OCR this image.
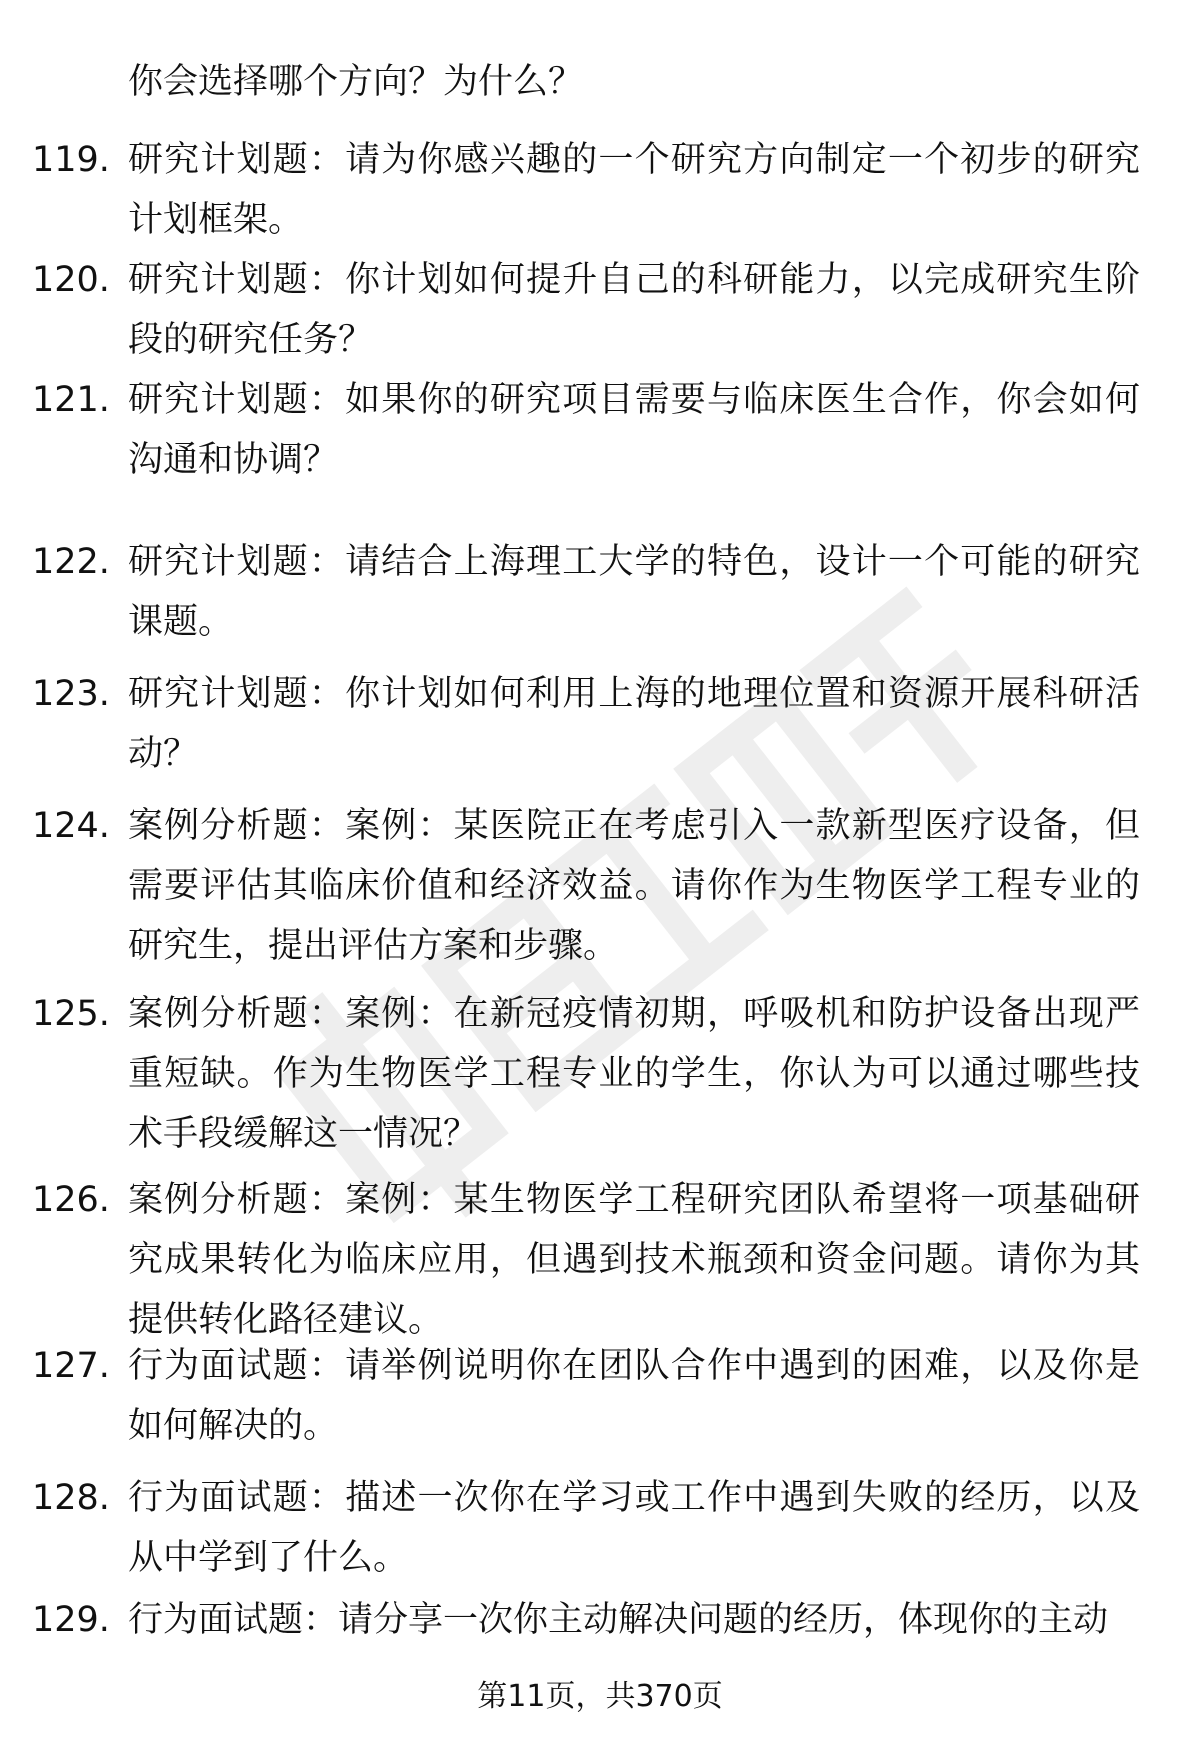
你会选择哪个方向？为什么？
119. 研究计划题：请为你感兴趣的一个研究方向制定一个初步的研究计划框架。
120. 研究计划题：你计划如何提升自己的科研能力，以完成研究生阶段的研究任务？
121. 研究计划题：如果你的研究项目需要与临床医生合作，你会如何沟通和协调？
122. 研究计划题：请结合上海理工大学的特色，设计一个可能的研究课题。
123. 研究计划题：你计划如何利用上海的地理位置和资源开展科研活动？
124. 案例分析题：案例：某医院正在考虑引入一款新型医疗设备，但需要评估其临床价值和经济效益。请你作为生物医学工程专业的研究生，提出评估方案和步骤。
125. 案例分析题：案例：在新冠疫情初期，呼吸机和防护设备出现严重短缺。作为生物医学工程专业的学生，你认为可以通过哪些技术手段缓解这一情况？
126. 案例分析题：案例：某生物医学工程研究团队希望将一项基础研究成果转化为临床应用，但遇到技术瓶颈和资金问题。请你为其提供转化路径建议。
127. 行为面试题：请举例说明你在团队合作中遇到的困难，以及你是如何解决的。
128. 行为面试题：描述一次你在学习或工作中遇到失败的经历，以及从中学到了什么。
129. 行为面试题：请分享一次你主动解决问题的经历，体现你的主动
第11页，共370页
